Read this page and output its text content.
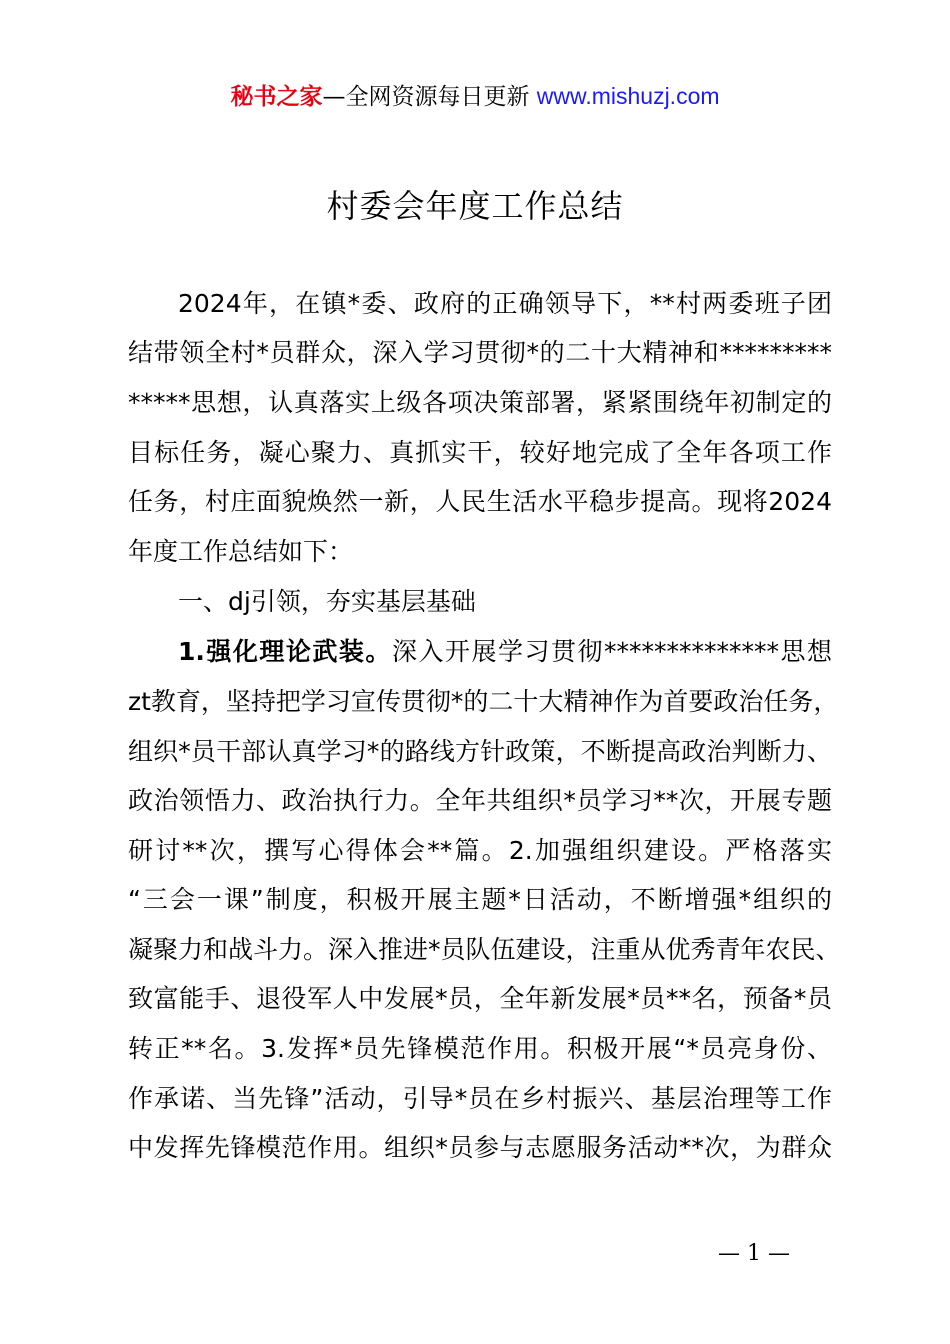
秘书之家—全网资源每日更新 www.mishuzj.com
村委会年度工作总结
2024年，在镇*委、政府的正确领导下，**村两委班子团
结带领全村*员群众，深入学习贯彻*的二十大精神和*********
*****思想，认真落实上级各项决策部署，紧紧围绕年初制定的
目标任务，凝心聚力、真抓实干，较好地完成了全年各项工作
任务，村庄面貌焕然一新，人民生活水平稳步提高。现将2024
年度工作总结如下：
一、dj引领，夯实基层基础
1.强化理论武装。深入开展学习贯彻**************思想
zt教育，坚持把学习宣传贯彻*的二十大精神作为首要政治任务，
组织*员干部认真学习*的路线方针政策，不断提高政治判断力、
政治领悟力、政治执行力。全年共组织*员学习**次，开展专题
研讨**次，撰写心得体会**篇。2.加强组织建设。严格落实
“三会一课”制度，积极开展主题*日活动，不断增强*组织的
凝聚力和战斗力。深入推进*员队伍建设，注重从优秀青年农民、
致富能手、退役军人中发展*员，全年新发展*员**名，预备*员
转正**名。3.发挥*员先锋模范作用。积极开展“*员亮身份、
作承诺、当先锋”活动，引导*员在乡村振兴、基层治理等工作
中发挥先锋模范作用。组织*员参与志愿服务活动**次，为群众
— 1 —
